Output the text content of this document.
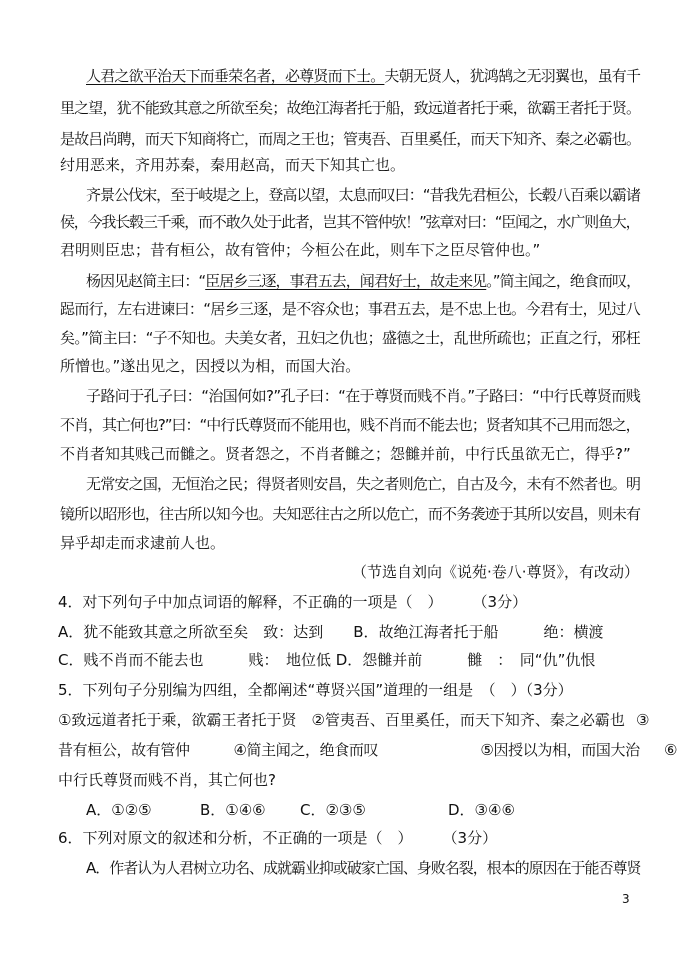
人君之欲平治天下而垂荣名者，必尊贤而下士。夫朝无贤人，犹鸿鹄之无羽翼也，虽有千
里之望，犹不能致其意之所欲至矣；故绝江海者托于船，致远道者托于乘，欲霸王者托于贤。
是故吕尚聘，而天下知商将亡，而周之王也；管夷吾、百里奚任，而天下知齐、秦之必霸也。
纣用恶来，齐用苏秦，秦用赵高，而天下知其亡也。
齐景公伐宋，至于岐堤之上，登高以望，太息而叹曰：“昔我先君桓公，长毂八百乘以霸诸
侯，今我长毂三千乘，而不敢久处于此者，岂其不管仲欤！”弦章对曰：“臣闻之，水广则鱼大，
君明则臣忠；昔有桓公，故有管仲；今桓公在此，则车下之臣尽管仲也。”
杨因见赵简主曰：“臣居乡三逐，事君五去，闻君好士，故走来见。”简主闻之，绝食而叹，
跽而行，左右进谏曰：“居乡三逐，是不容众也；事君五去，是不忠上也。今君有士，见过八
矣。”简主曰：“子不知也。夫美女者，丑妇之仇也；盛德之士，乱世所疏也；正直之行，邪枉
所憎也。”遂出见之，因授以为相，而国大治。
子路问于孔子曰：“治国何如?”孔子曰：“在于尊贤而贱不肖。”子路曰：“中行氏尊贤而贱
不肖，其亡何也?”曰：“中行氏尊贤而不能用也，贱不肖而不能去也；贤者知其不己用而怨之，
不肖者知其贱己而雠之。贤者怨之，不肖者雠之；怨雠并前，中行氏虽欲无亡，得乎?”
无常安之国，无恒治之民；得贤者则安昌，失之者则危亡，自古及今，未有不然者也。明
镜所以昭形也，往古所以知今也。夫知恶往古之所以危亡，而不务袭迹于其所以安昌，则未有
异乎却走而求逮前人也。
（节选自刘向《说苑·卷八·尊贤》，有改动）
4．对下列句子中加点词语的解释，不正确的一项是（　）　　　（3分）
A．犹不能致其意之所欲至矣　致：达到　　B．故绝江海者托于船　　　绝：横渡
C．贱不肖而不能去也　　　贱：　地位低 D．怨雠并前　　　雠　：　同“仇”仇恨
5．下列句子分别编为四组，全都阐述“尊贤兴国”道理的一组是　（　）（3分）
①致远道者托于乘，欲霸王者托于贤　②管夷吾、百里奚任，而天下知齐、秦之必霸也 ③
昔有桓公，故有管仲　　　④简主闻之，绝食而叹　　　　　　　⑤因授以为相，而国大治 ⑥
中行氏尊贤而贱不肖，其亡何也?
A．①②⑤	B．①④⑥ C．②③⑤	D．③④⑥
6．下列对原文的叙述和分析，不正确的一项是（　）　　　（3分）
A．作者认为人君树立功名、成就霸业抑或破家亡国、身败名裂，根本的原因在于能否尊贤
3
